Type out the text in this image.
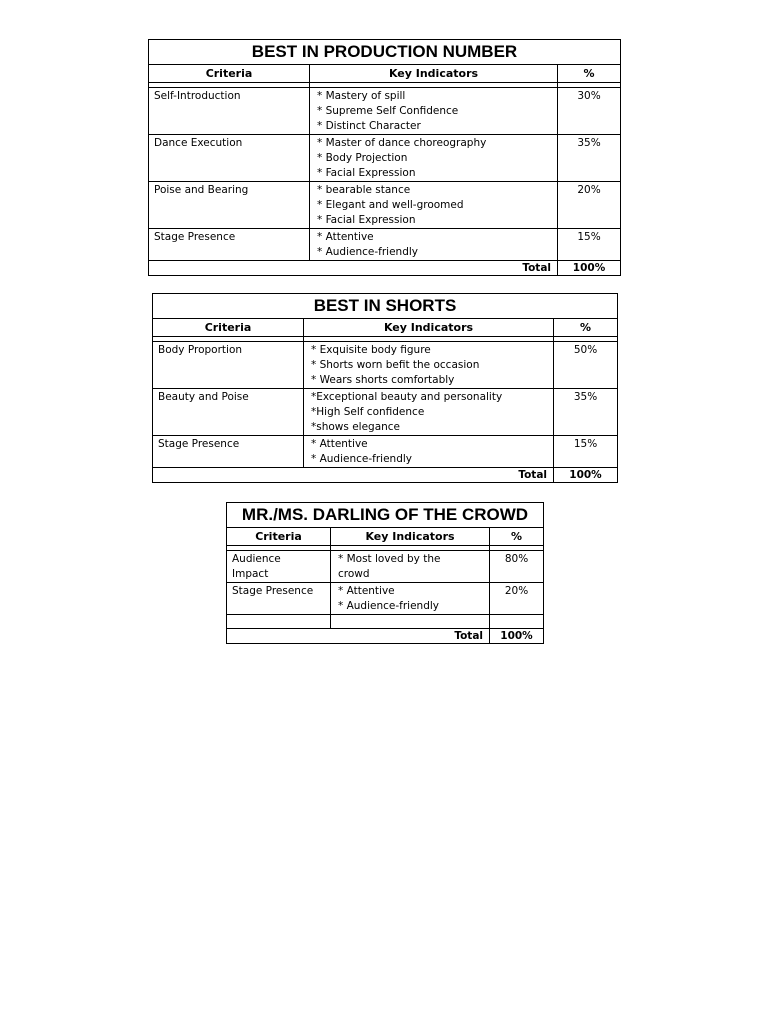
BEST IN PRODUCTION NUMBER		
Criteria	Key Indicators	%

Self-Introduction	* Mastery of spill
* Supreme Self Confidence
* Distinct Character	30%
Dance Execution	* Master of dance choreography
* Body Projection
* Facial Expression	35%
Poise and Bearing	* bearable stance
* Elegant and well-groomed
* Facial Expression	20%
Stage Presence	* Attentive
* Audience-friendly	15%
Total		100%
BEST IN SHORTS		
Criteria	Key Indicators	%

Body Proportion	* Exquisite body figure
* Shorts worn befit the occasion
* Wears shorts comfortably	50%
Beauty and Poise	*Exceptional beauty and personality
*High Self confidence
*shows elegance	35%
Stage Presence	* Attentive
* Audience-friendly	15%
Total		100%
MR./MS. DARLING OF THE CROWD		
Criteria	Key Indicators	%

Audience Impact	* Most loved by the
crowd	80%
Stage Presence	* Attentive
* Audience-friendly	20%

Total		100%
